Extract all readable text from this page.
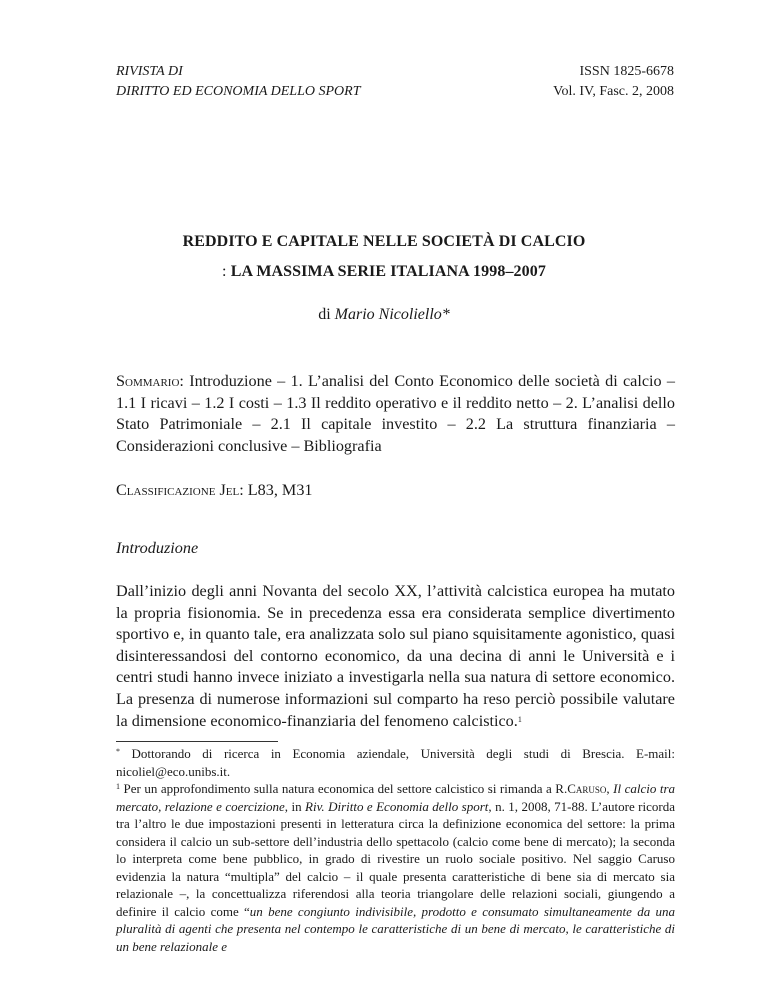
RIVISTA DI
DIRITTO ED ECONOMIA DELLO SPORT
ISSN 1825-6678
Vol. IV, Fasc. 2, 2008
REDDITO E CAPITALE NELLE SOCIETÀ DI CALCIO
: LA MASSIMA SERIE ITALIANA 1998–2007
di Mario Nicoliello*
Sommario: Introduzione – 1. L’analisi del Conto Economico delle società di calcio – 1.1 I ricavi – 1.2 I costi – 1.3 Il reddito operativo e il reddito netto – 2. L’analisi dello Stato Patrimoniale – 2.1 Il capitale investito – 2.2 La struttura finanziaria – Considerazioni conclusive – Bibliografia
Classificazione Jel: L83, M31
Introduzione
Dall’inizio degli anni Novanta del secolo XX, l’attività calcistica europea ha mutato la propria fisionomia. Se in precedenza essa era considerata semplice divertimento sportivo e, in quanto tale, era analizzata solo sul piano squisitamente agonistico, quasi disinteressandosi del contorno economico, da una decina di anni le Università e i centri studi hanno invece iniziato a investigarla nella sua natura di settore economico. La presenza di numerose informazioni sul comparto ha reso perciò possibile valutare la dimensione economico-finanziaria del fenomeno calcistico.$^1$

* Dottorando di ricerca in Economia aziendale, Università degli studi di Brescia. E-mail: nicoliel@eco.unibs.it.

$^1$ Per un approfondimento sulla natura economica del settore calcistico si rimanda a R.Caruso, Il calcio tra mercato, relazione e coercizione, in Riv. Diritto e Economia dello sport, n. 1, 2008, 71-88. L’autore ricorda tra l’altro le due impostazioni presenti in letteratura circa la definizione economica del settore: la prima considera il calcio un sub-settore dell’industria dello spettacolo (calcio come bene di mercato); la seconda lo interpreta come bene pubblico, in grado di rivestire un ruolo sociale positivo. Nel saggio Caruso evidenzia la natura “multipla” del calcio – il quale presenta caratteristiche di bene sia di mercato sia relazionale –, la concettualizza riferendosi alla teoria triangolare delle relazioni sociali, giungendo a definire il calcio come “un bene congiunto indivisibile, prodotto e consumato simultaneamente da una pluralità di agenti che presenta nel contempo le caratteristiche di un bene di mercato, le caratteristiche di un bene relazionale e
